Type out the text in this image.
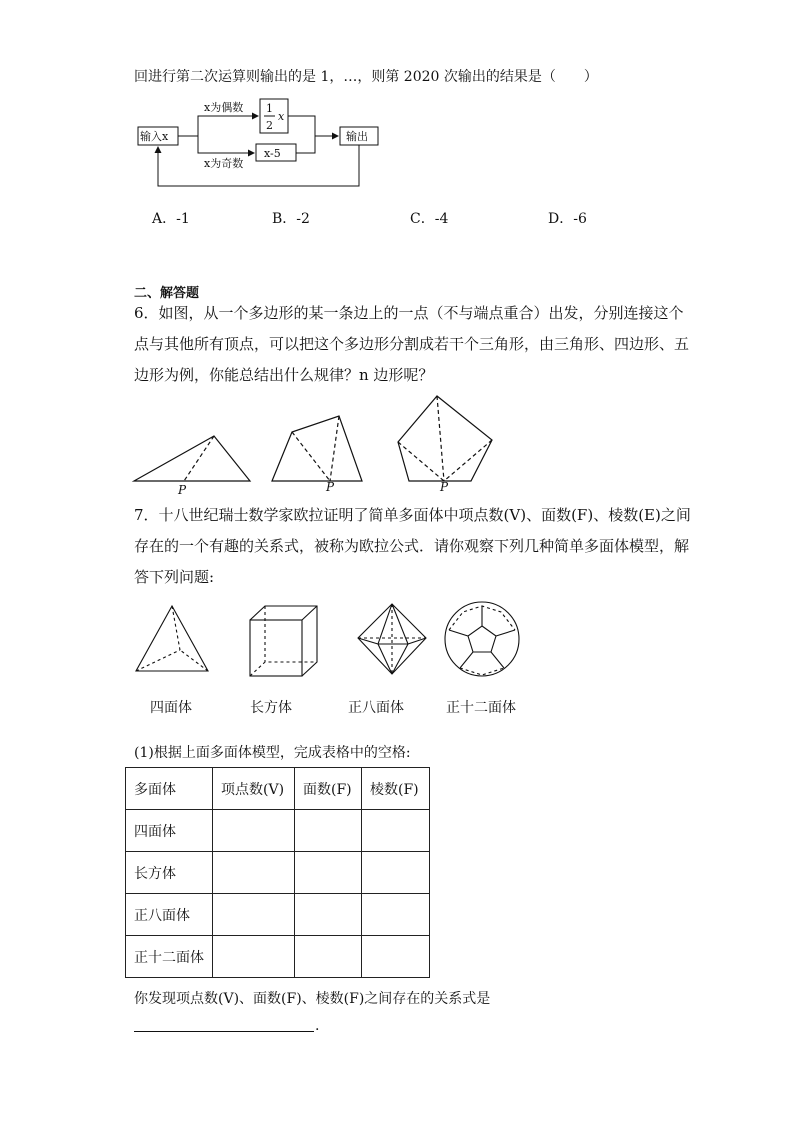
回进行第二次运算则输出的是 1，…，则第 2020 次输出的结果是（　　）
输入x
x为偶数
x为奇数
1
2
x
x-5
输出
A．-1	B．-2	C．-4	D．-6
二、解答题
6．如图，从一个多边形的某一条边上的一点（不与端点重合）出发，分别连接这个点与其他所有顶点，可以把这个多边形分割成若干个三角形，由三角形、四边形、五边形为例，你能总结出什么规律？n 边形呢？
P	P	P
7．十八世纪瑞士数学家欧拉证明了简单多面体中项点数(V)、面数(F)、棱数(E)之间存在的一个有趣的关系式，被称为欧拉公式．请你观察下列几种简单多面体模型，解答下列问题:
四面体	长方体	正八面体	正十二面体
(1)根据上面多面体模型，完成表格中的空格:
多面体	项点数(V)	面数(F)	棱数(F)
四面体			
长方体			
正八面体			
正十二面体			
你发现项点数(V)、面数(F)、棱数(F)之间存在的关系式是
.
